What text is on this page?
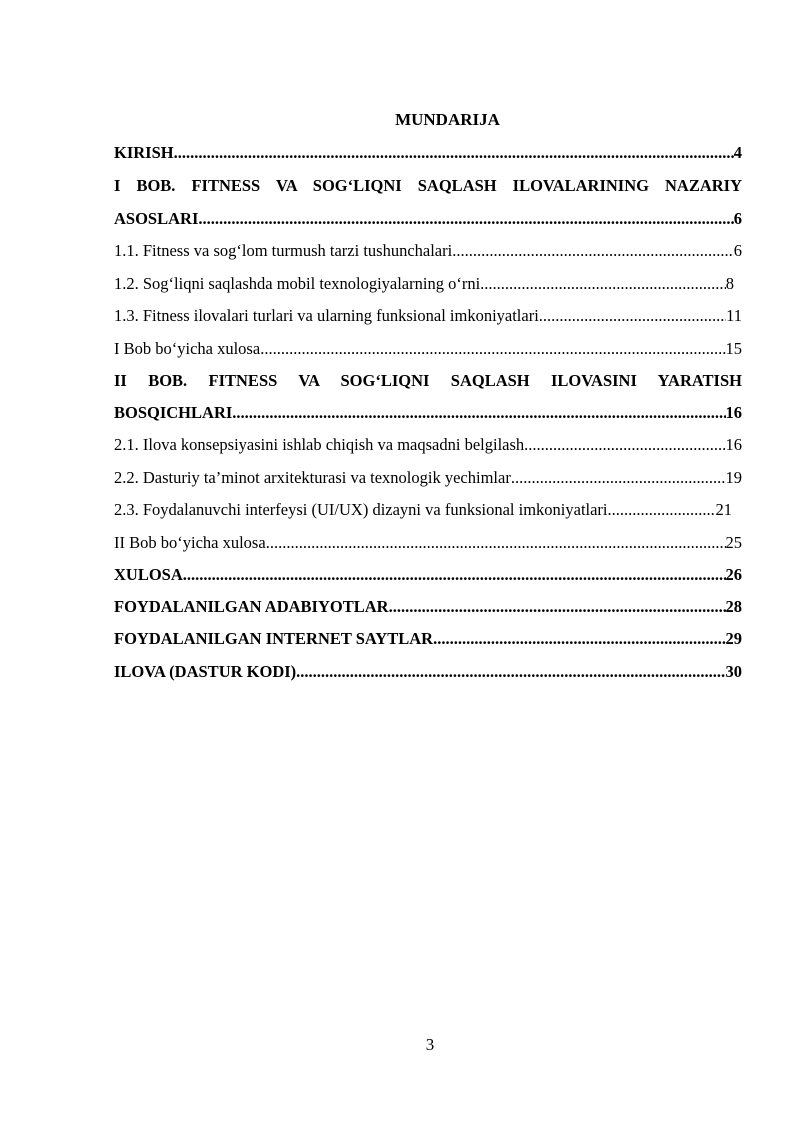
MUNDARIJA
KIRISH .....	4
I BOB. FITNESS VA SOG‘LIQNI SAQLASH ILOVALARINING NAZARIY
ASOSLARI .....	6
1.1. Fitness va sog‘lom turmush tarzi tushunchalari .....	6
1.2. Sog‘liqni saqlashda mobil texnologiyalarning o‘rni .....	8
1.3. Fitness ilovalari turlari va ularning funksional imkoniyatlari .....	11
I Bob bo‘yicha xulosa .....	15
II BOB. FITNESS VA SOG‘LIQNI SAQLASH ILOVASINI YARATISH
BOSQICHLARI .....	16
2.1. Ilova konsepsiyasini ishlab chiqish va maqsadni belgilash .....	16
2.2. Dasturiy ta’minot arxitekturasi va texnologik yechimlar .....	19
2.3. Foydalanuvchi interfeysi (UI/UX) dizayni va funksional imkoniyatlari .....	21
II Bob bo‘yicha xulosa .....	25
XULOSA .....	26
FOYDALANILGAN ADABIYOTLAR .....	28
FOYDALANILGAN INTERNET SAYTLAR .....	29
ILOVA (DASTUR KODI) .....	30
3
